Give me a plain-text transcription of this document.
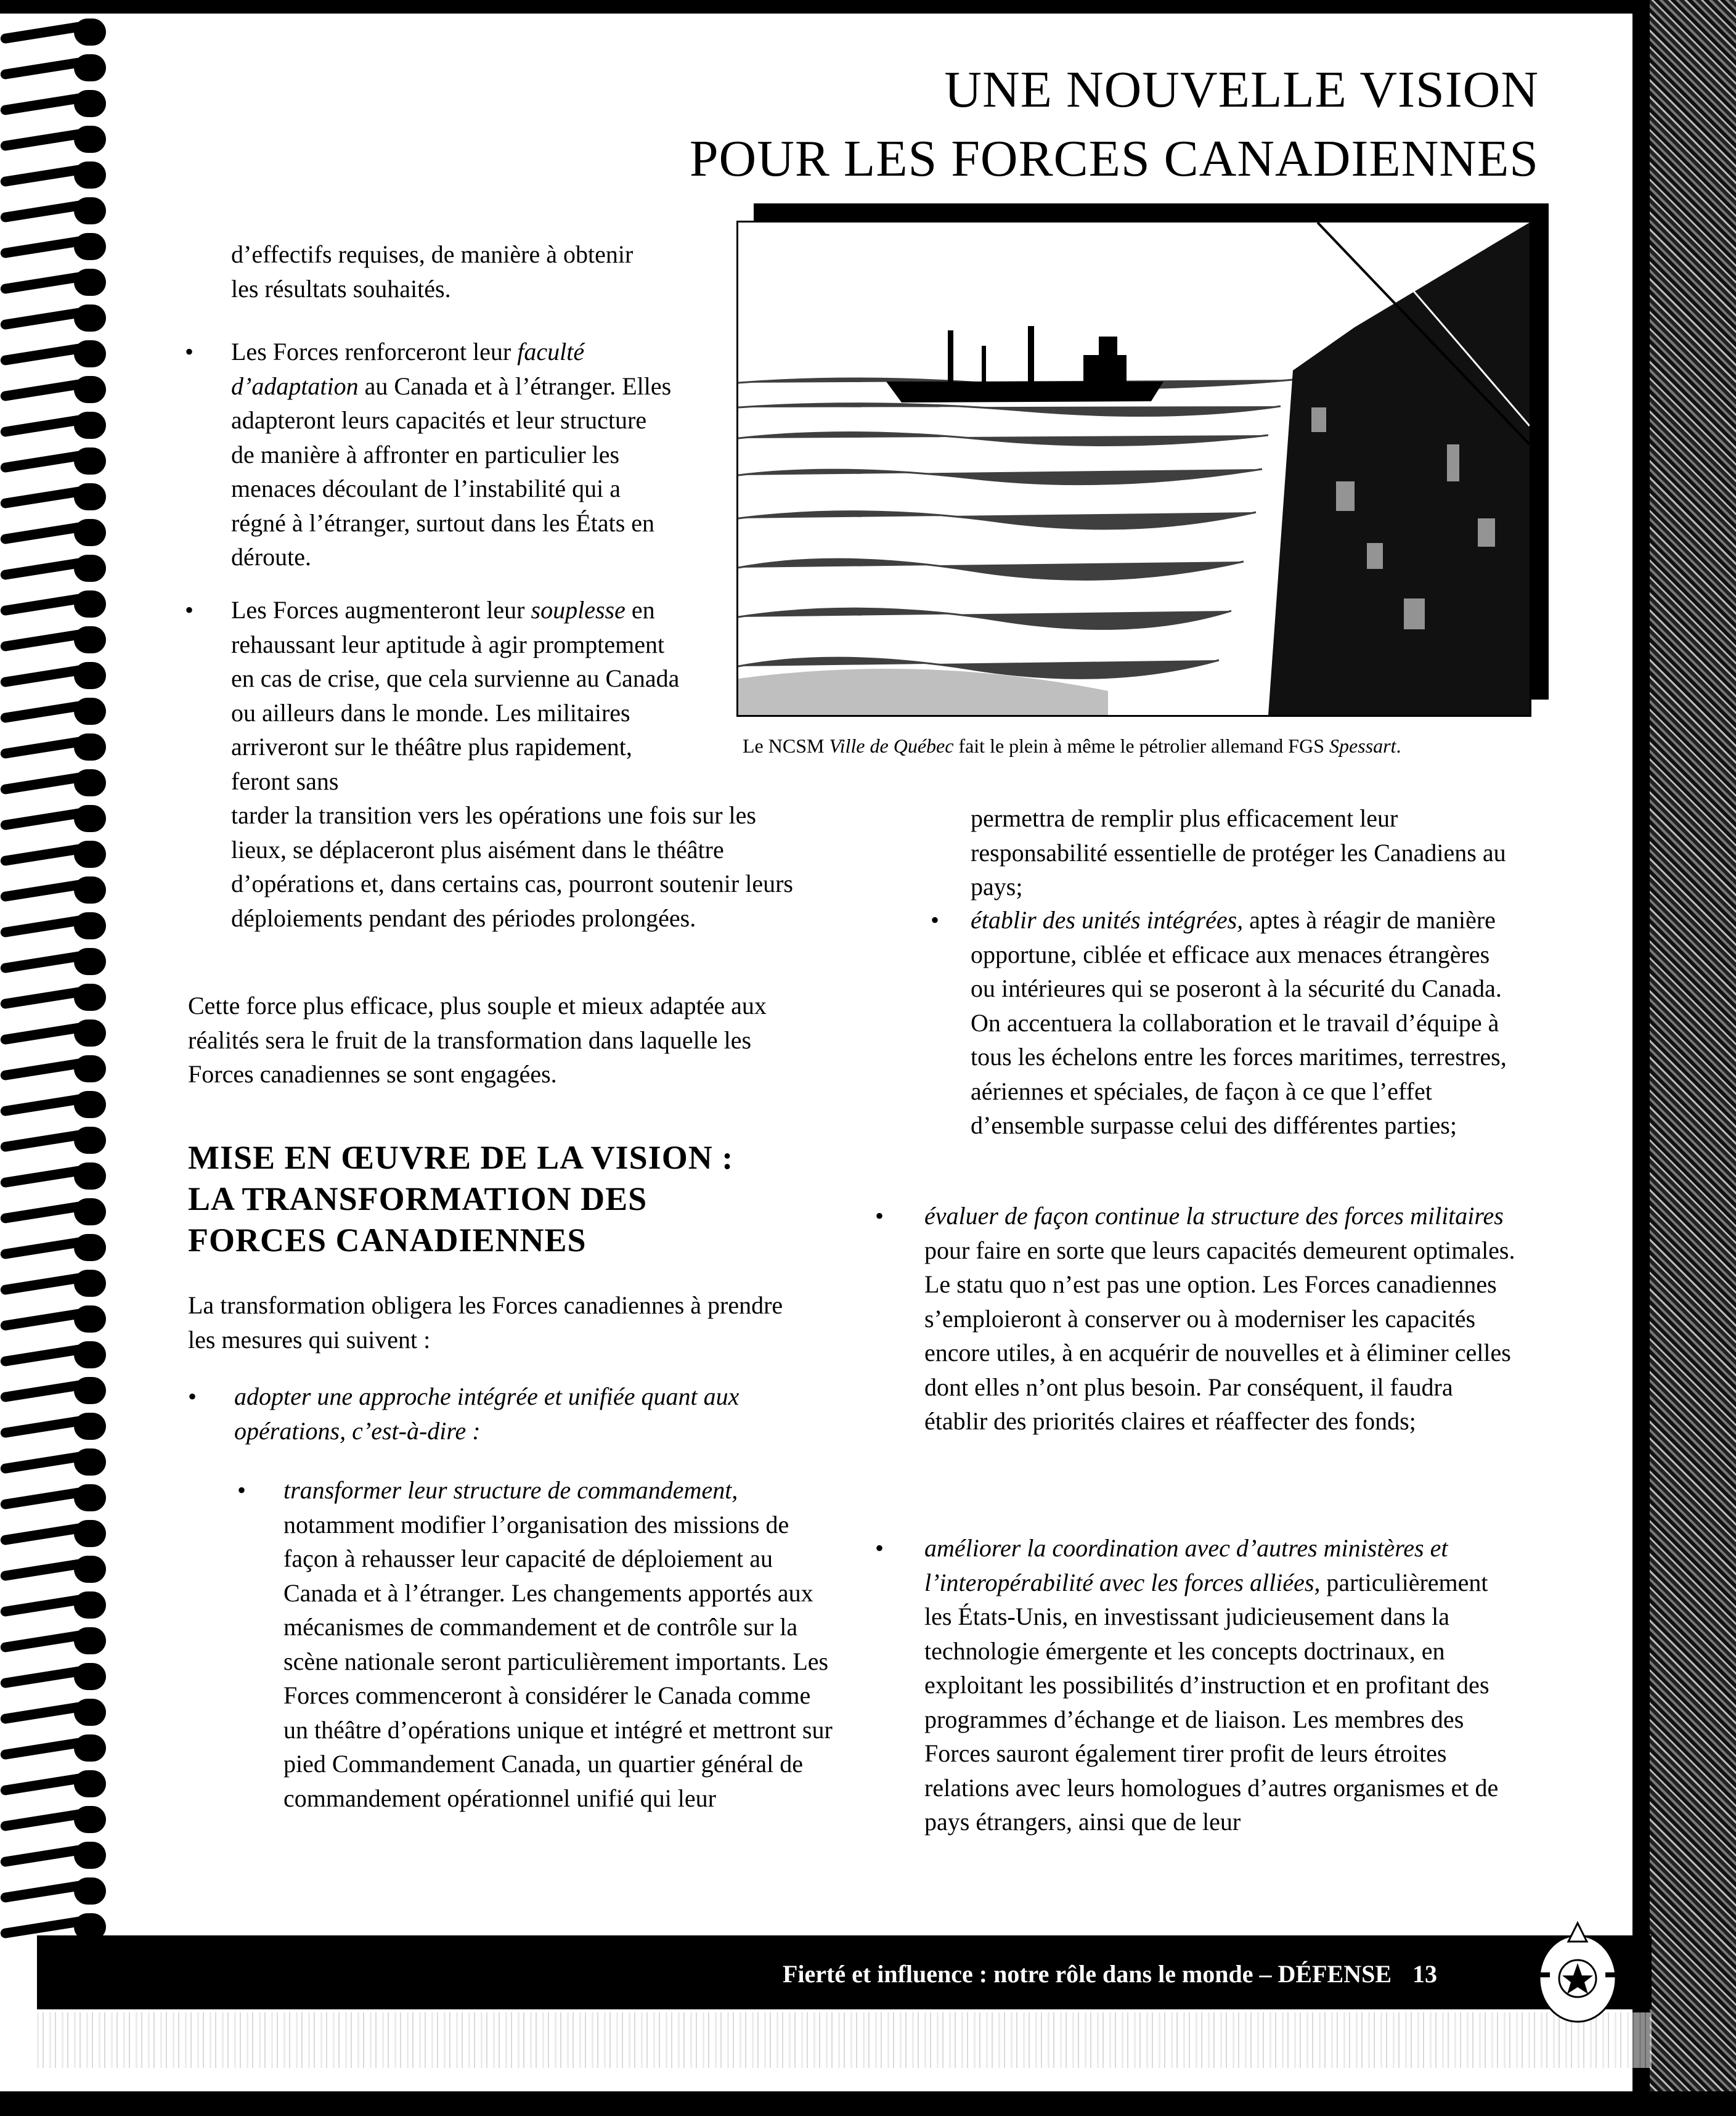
UNE NOUVELLE VISION
POUR LES FORCES CANADIENNES
Le NCSM Ville de Québec fait le plein à même le pétrolier allemand FGS Spessart.

d’effectifs requises, de manière à obtenir
les résultats souhaités.

• Les Forces renforceront leur faculté d’adaptation au Canada et à l’étranger. Elles adapteront leurs capacités et leur structure de manière à affronter en particulier les menaces découlant de l’instabilité qui a régné à l’étranger, surtout dans les États en déroute.

• Les Forces augmenteront leur souplesse en rehaussant leur aptitude à agir promptement en cas de crise, que cela survienne au Canada ou ailleurs dans le monde. Les militaires arriveront sur le théâtre plus rapidement, feront sans

tarder la transition vers les opérations une fois sur les lieux, se déplaceront plus aisément dans le théâtre d’opérations et, dans certains cas, pourront soutenir leurs déploiements pendant des périodes prolongées.

Cette force plus efficace, plus souple et mieux adaptée aux réalités sera le fruit de la transformation dans laquelle les Forces canadiennes se sont engagées.

MISE EN ŒUVRE DE LA VISION :
LA TRANSFORMATION DES
FORCES CANADIENNES

La transformation obligera les Forces canadiennes à prendre les mesures qui suivent :

• adopter une approche intégrée et unifiée quant aux opérations, c’est-à-dire :

• transformer leur structure de commandement, notamment modifier l’organisation des missions de façon à rehausser leur capacité de déploiement au Canada et à l’étranger. Les changements apportés aux mécanismes de commandement et de contrôle sur la scène nationale seront particulièrement importants. Les Forces commenceront à considérer le Canada comme un théâtre d’opérations unique et intégré et mettront sur pied Commandement Canada, un quartier général de commandement opérationnel unifié qui leur

permettra de remplir plus efficacement leur responsabilité essentielle de protéger les Canadiens au pays;

• établir des unités intégrées, aptes à réagir de manière opportune, ciblée et efficace aux menaces étrangères ou intérieures qui se poseront à la sécurité du Canada. On accentuera la collaboration et le travail d’équipe à tous les échelons entre les forces maritimes, terrestres, aériennes et spéciales, de façon à ce que l’effet d’ensemble surpasse celui des différentes parties;

• évaluer de façon continue la structure des forces militaires pour faire en sorte que leurs capacités demeurent optimales. Le statu quo n’est pas une option. Les Forces canadiennes s’emploieront à conserver ou à moderniser les capacités encore utiles, à en acquérir de nouvelles et à éliminer celles dont elles n’ont plus besoin. Par conséquent, il faudra établir des priorités claires et réaffecter des fonds;

• améliorer la coordination avec d’autres ministères et l’interopérabilité avec les forces alliées, particulièrement les États-Unis, en investissant judicieusement dans la technologie émergente et les concepts doctrinaux, en exploitant les possibilités d’instruction et en profitant des programmes d’échange et de liaison. Les membres des Forces sauront également tirer profit de leurs étroites relations avec leurs homologues d’autres organismes et de pays étrangers, ainsi que de leur

Fierté et influence : notre rôle dans le monde – DÉFENSE 13
